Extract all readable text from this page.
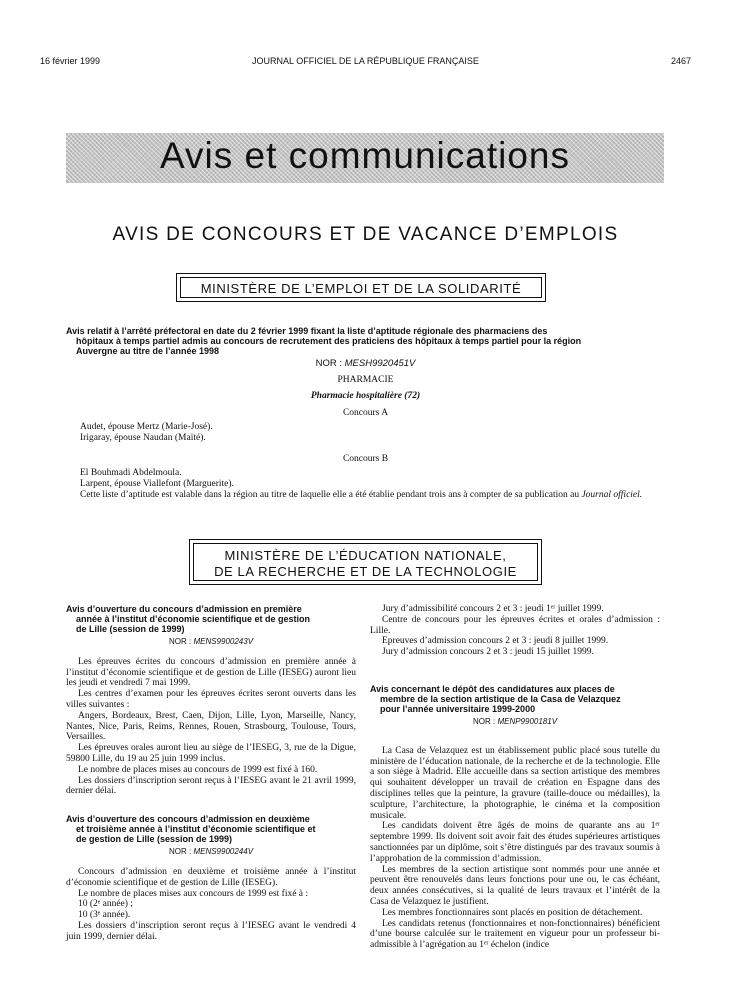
16 février 1999	JOURNAL OFFICIEL DE LA RÉPUBLIQUE FRANÇAISE	2467
Avis et communications
AVIS DE CONCOURS ET DE VACANCE D’EMPLOIS
MINISTÈRE DE L’EMPLOI ET DE LA SOLIDARITÉ
Avis relatif à l’arrêté préfectoral en date du 2 février 1999 fixant la liste d’aptitude régionale des pharmaciens des
hôpitaux à temps partiel admis au concours de recrutement des praticiens des hôpitaux à temps partiel pour la région
Auvergne au titre de l’année 1998
NOR : MESH9920451V
PHARMACIE
Pharmacie hospitalière (72)
Concours A
Audet, épouse Mertz (Marie-José).
Irigaray, épouse Naudan (Maïté).
Concours B
El Bouhmadi Abdelmoula.
Larpent, épouse Viallefont (Marguerite).
Cette liste d’aptitude est valable dans la région au titre de laquelle elle a été établie pendant trois ans à compter de sa publication au Journal officiel.
MINISTÈRE DE L’ÉDUCATION NATIONALE,
DE LA RECHERCHE ET DE LA TECHNOLOGIE
Avis d’ouverture du concours d’admission en première
année à l’institut d’économie scientifique et de gestion
de Lille (session de 1999)
NOR : MENS9900243V

Les épreuves écrites du concours d’admission en première année à l’institut d’économie scientifique et de gestion de Lille (IESEG) auront lieu les jeudi et vendredi 7 mai 1999.

Les centres d’examen pour les épreuves écrites seront ouverts dans les villes suivantes :

Angers, Bordeaux, Brest, Caen, Dijon, Lille, Lyon, Marseille, Nancy, Nantes, Nice, Paris, Reims, Rennes, Rouen, Strasbourg, Toulouse, Tours, Versailles.

Les épreuves orales auront lieu au siège de l’IESEG, 3, rue de la Digue, 59800 Lille, du 19 au 25 juin 1999 inclus.

Le nombre de places mises au concours de 1999 est fixé à 160.

Les dossiers d’inscription seront reçus à l’IESEG avant le 21 avril 1999, dernier délai.

Avis d’ouverture des concours d’admission en deuxième
et troisième année à l’institut d’économie scientifique et
de gestion de Lille (session de 1999)
NOR : MENS9900244V

Concours d’admission en deuxième et troisième année à l’institut d’économie scientifique et de gestion de Lille (IESEG).

Le nombre de places mises aux concours de 1999 est fixé à :

10 (2ᵉ année) ;

10 (3ᵉ année).

Les dossiers d’inscription seront reçus à l’IESEG avant le vendredi 4 juin 1999, dernier délai.

Jury d’admissibilité concours 2 et 3 : jeudi 1ᵉʳ juillet 1999.

Centre de concours pour les épreuves écrites et orales d’admission : Lille.

Epreuves d’admission concours 2 et 3 : jeudi 8 juillet 1999.

Jury d’admission concours 2 et 3 : jeudi 15 juillet 1999.

Avis concernant le dépôt des candidatures aux places de
membre de la section artistique de la Casa de Velazquez
pour l’année universitaire 1999-2000
NOR : MENP9900181V

La Casa de Velazquez est un établissement public placé sous tutelle du ministère de l’éducation nationale, de la recherche et de la technologie. Elle a son siège à Madrid. Elle accueille dans sa section artistique des membres qui souhaitent développer un travail de création en Espagne dans des disciplines telles que la peinture, la gravure (taille-douce ou médailles), la sculpture, l’architecture, la photographie, le cinéma et la composition musicale.

Les candidats doivent être âgés de moins de quarante ans au 1ᵉʳ septembre 1999. Ils doivent soit avoir fait des études supérieures artistiques sanctionnées par un diplôme, soit s’être distingués par des travaux soumis à l’approbation de la commission d’admission.

Les membres de la section artistique sont nommés pour une année et peuvent être renouvelés dans leurs fonctions pour une ou, le cas échéant, deux années consécutives, si la qualité de leurs travaux et l’intérêt de la Casa de Velazquez le justifient.

Les membres fonctionnaires sont placés en position de détachement.

Les candidats retenus (fonctionnaires et non-fonctionnaires) bénéficient d’une bourse calculée sur le traitement en vigueur pour un professeur bi-admissible à l’agrégation au 1ᵉʳ échelon (indice
